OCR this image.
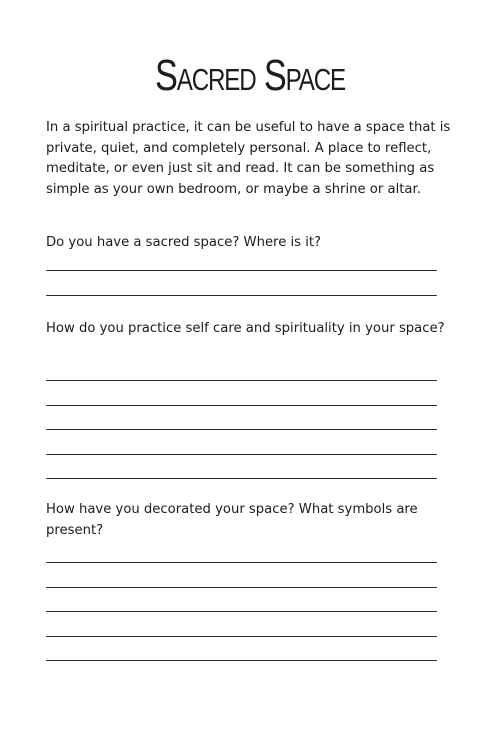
Sacred Space

In a spiritual practice, it can be useful to have a space that is private, quiet, and completely personal. A place to reflect, meditate, or even just sit and read. It can be something as simple as your own bedroom, or maybe a shrine or altar.

Do you have a sacred space? Where is it?

How do you practice self care and spirituality in your space?

How have you decorated your space? What symbols are present?
